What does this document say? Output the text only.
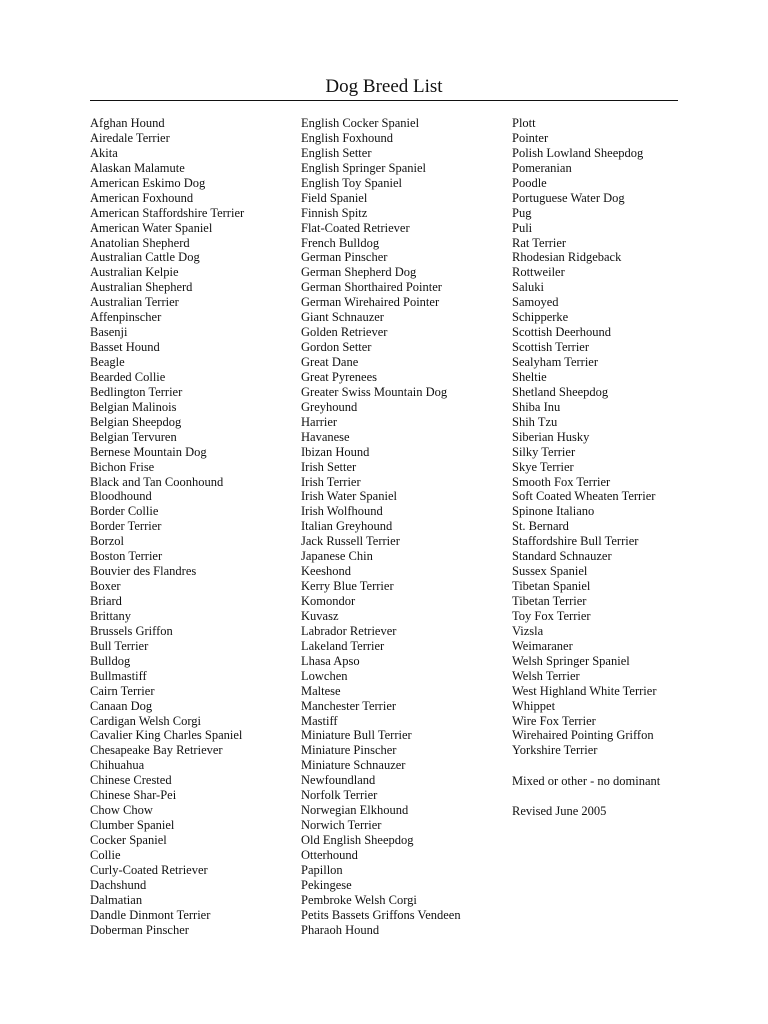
Dog Breed List
Afghan Hound
Airedale Terrier
Akita
Alaskan Malamute
American Eskimo Dog
American Foxhound
American Staffordshire Terrier
American Water Spaniel
Anatolian Shepherd
Australian Cattle Dog
Australian Kelpie
Australian Shepherd
Australian Terrier
Affenpinscher
Basenji
Basset Hound
Beagle
Bearded Collie
Bedlington Terrier
Belgian Malinois
Belgian Sheepdog
Belgian Tervuren
Bernese Mountain Dog
Bichon Frise
Black and Tan Coonhound
Bloodhound
Border Collie
Border Terrier
Borzol
Boston Terrier
Bouvier des Flandres
Boxer
Briard
Brittany
Brussels Griffon
Bull Terrier
Bulldog
Bullmastiff
Cairn Terrier
Canaan Dog
Cardigan Welsh Corgi
Cavalier King Charles Spaniel
Chesapeake Bay Retriever
Chihuahua
Chinese Crested
Chinese Shar-Pei
Chow Chow
Clumber Spaniel
Cocker Spaniel
Collie
Curly-Coated Retriever
Dachshund
Dalmatian
Dandle Dinmont Terrier
Doberman Pinscher
English Cocker Spaniel
English Foxhound
English Setter
English Springer Spaniel
English Toy Spaniel
Field Spaniel
Finnish Spitz
Flat-Coated Retriever
French Bulldog
German Pinscher
German Shepherd Dog
German Shorthaired Pointer
German Wirehaired Pointer
Giant Schnauzer
Golden Retriever
Gordon Setter
Great Dane
Great Pyrenees
Greater Swiss Mountain Dog
Greyhound
Harrier
Havanese
Ibizan Hound
Irish Setter
Irish Terrier
Irish Water Spaniel
Irish Wolfhound
Italian Greyhound
Jack Russell Terrier
Japanese Chin
Keeshond
Kerry Blue Terrier
Komondor
Kuvasz
Labrador Retriever
Lakeland Terrier
Lhasa Apso
Lowchen
Maltese
Manchester Terrier
Mastiff
Miniature Bull Terrier
Miniature Pinscher
Miniature Schnauzer
Newfoundland
Norfolk Terrier
Norwegian Elkhound
Norwich Terrier
Old English Sheepdog
Otterhound
Papillon
Pekingese
Pembroke Welsh Corgi
Petits Bassets Griffons Vendeen
Pharaoh Hound
Plott
Pointer
Polish Lowland Sheepdog
Pomeranian
Poodle
Portuguese Water Dog
Pug
Puli
Rat Terrier
Rhodesian Ridgeback
Rottweiler
Saluki
Samoyed
Schipperke
Scottish Deerhound
Scottish Terrier
Sealyham Terrier
Sheltie
Shetland Sheepdog
Shiba Inu
Shih Tzu
Siberian Husky
Silky Terrier
Skye Terrier
Smooth Fox Terrier
Soft Coated Wheaten Terrier
Spinone Italiano
St. Bernard
Staffordshire Bull Terrier
Standard Schnauzer
Sussex Spaniel
Tibetan Spaniel
Tibetan Terrier
Toy Fox Terrier
Vizsla
Weimaraner
Welsh Springer Spaniel
Welsh Terrier
West Highland White Terrier
Whippet
Wire Fox Terrier
Wirehaired Pointing Griffon
Yorkshire Terrier
Mixed or other - no dominant
Revised June 2005
